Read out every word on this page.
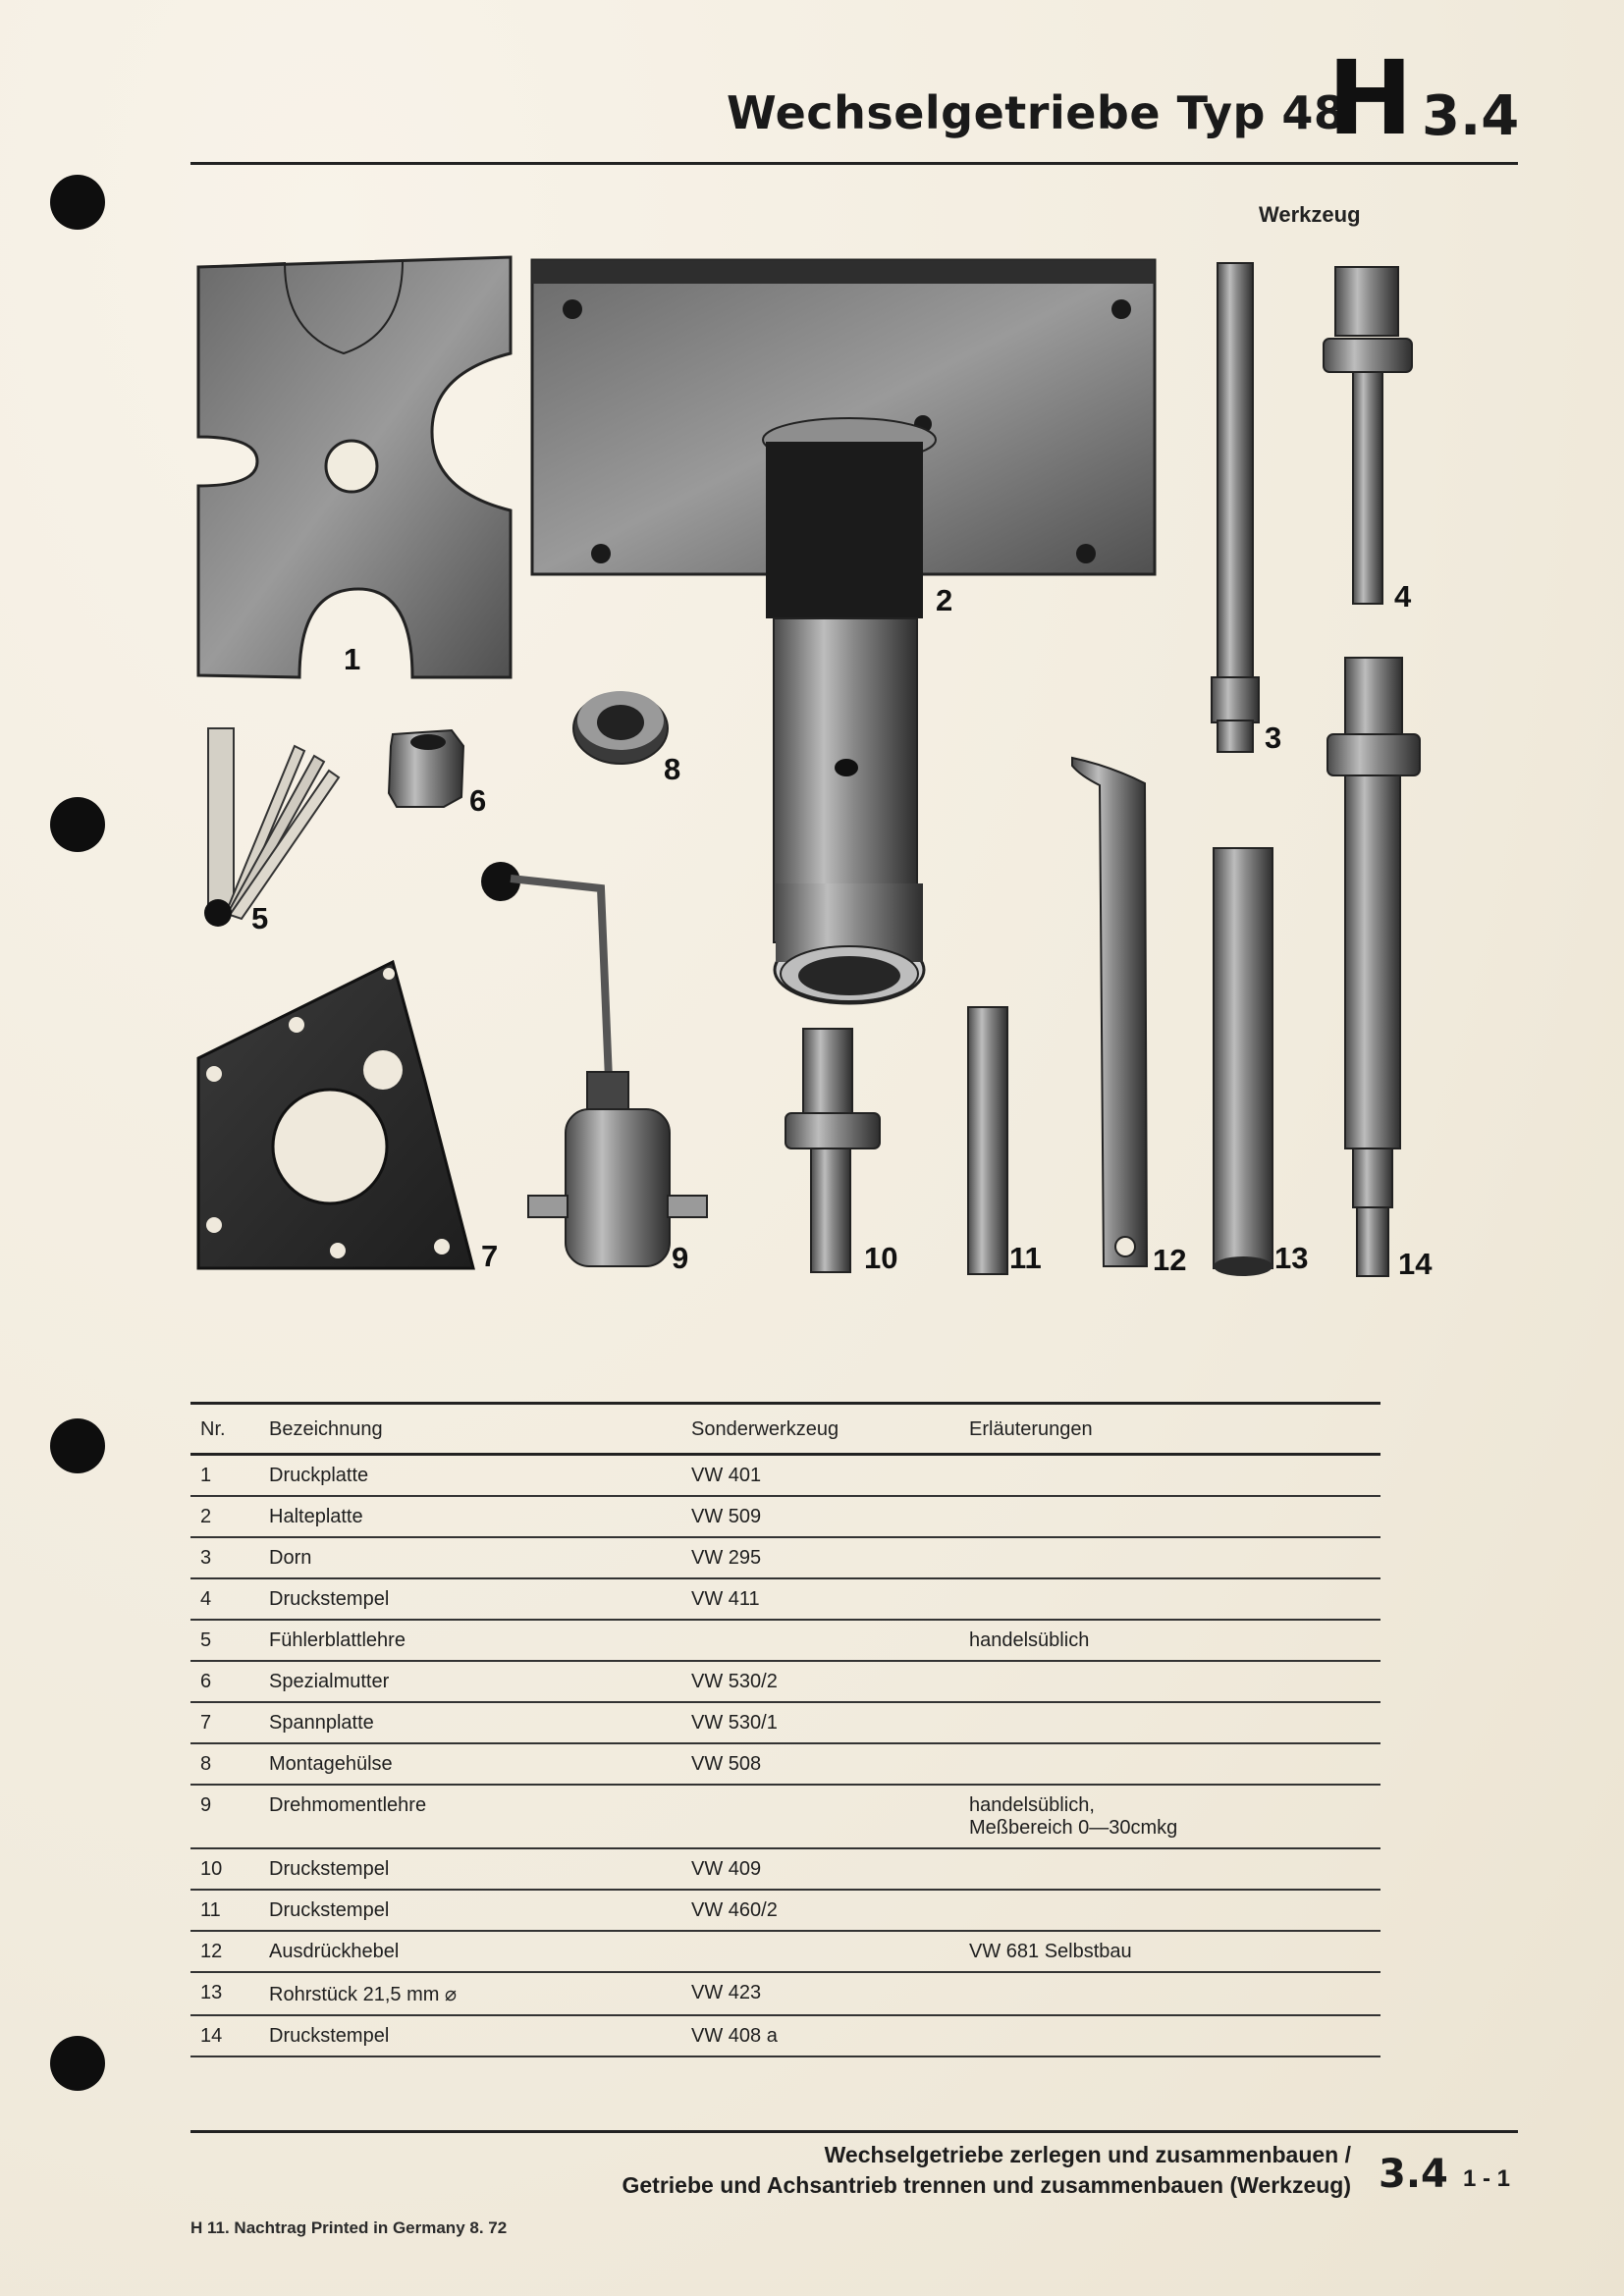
Wechselgetriebe Typ 48
H 3.4
Werkzeug
1
2
3
4
5
6
7
8
9	10	11	12	13	14
Nr.	Bezeichnung	Sonderwerkzeug	Erläuterungen
1	Druckplatte	VW 401	
2	Halteplatte	VW 509	
3	Dorn	VW 295	
4	Druckstempel	VW 411	
5	Fühlerblattlehre		handelsüblich
6	Spezialmutter	VW 530/2	
7	Spannplatte	VW 530/1	
8	Montagehülse	VW 508	
9	Drehmomentlehre		handelsüblich,
Meßbereich 0—30cmkg

10	Druckstempel	VW 409	
11	Druckstempel	VW 460/2	
12	Ausdrückhebel		VW 681 Selbstbau
13	Rohrstück 21,5 mm ⌀	VW 423	
14	Druckstempel	VW 408 a	
Wechselgetriebe zerlegen und zusammenbauen /
Getriebe und Achsantrieb trennen und zusammenbauen (Werkzeug) 3.4 1 - 1
H 11. Nachtrag Printed in Germany 8. 72
